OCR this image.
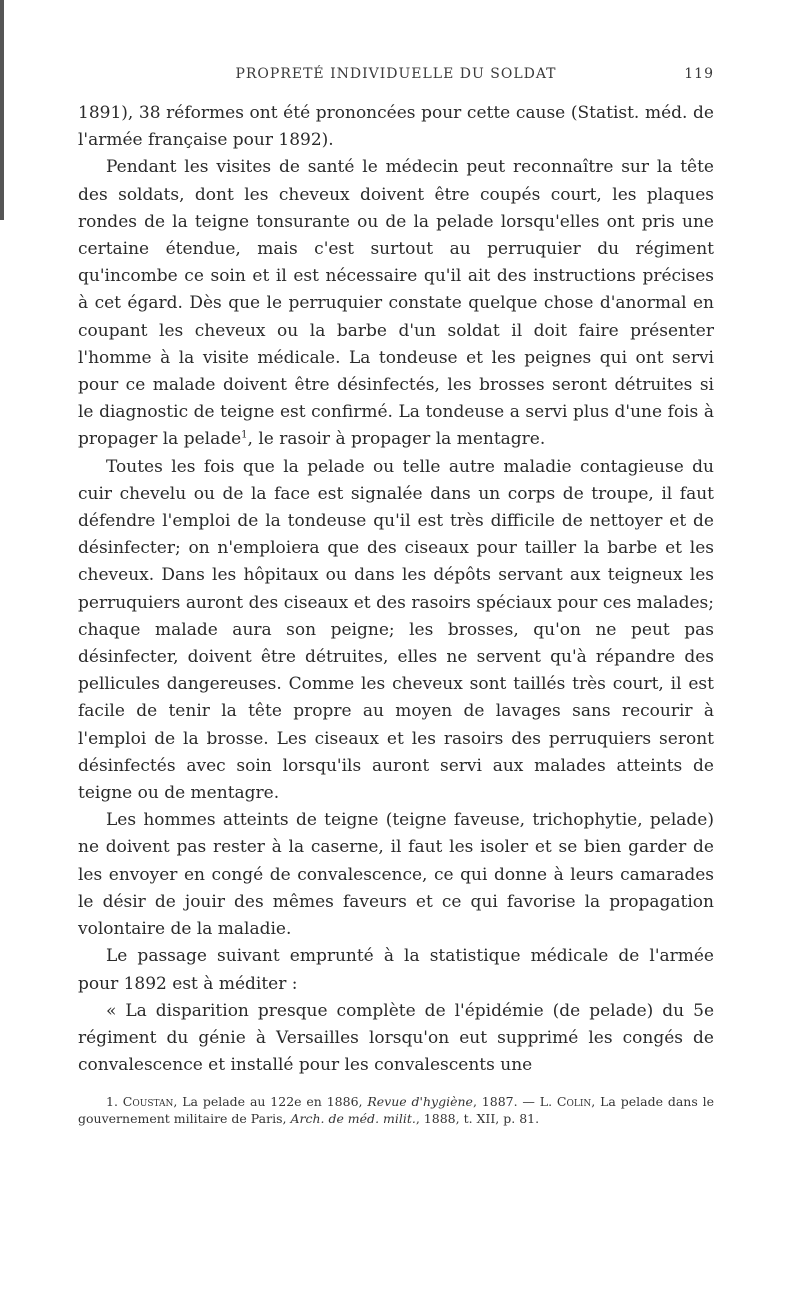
PROPRETÉ INDIVIDUELLE DU SOLDAT	119

1891), 38 réformes ont été prononcées pour cette cause (Statist. méd. de l'armée française pour 1892).

Pendant les visites de santé le médecin peut reconnaître sur la tête des soldats, dont les cheveux doivent être coupés court, les plaques rondes de la teigne tonsurante ou de la pelade lorsqu'elles ont pris une certaine étendue, mais c'est surtout au perruquier du régiment qu'incombe ce soin et il est nécessaire qu'il ait des instructions précises à cet égard. Dès que le perruquier constate quelque chose d'anormal en coupant les cheveux ou la barbe d'un soldat il doit faire présenter l'homme à la visite médicale. La tondeuse et les peignes qui ont servi pour ce malade doivent être désinfectés, les brosses seront détruites si le diagnostic de teigne est confirmé. La tondeuse a servi plus d'une fois à propager la pelade$^1$, le rasoir à propager la mentagre.

Toutes les fois que la pelade ou telle autre maladie contagieuse du cuir chevelu ou de la face est signalée dans un corps de troupe, il faut défendre l'emploi de la tondeuse qu'il est très difficile de nettoyer et de désinfecter; on n'emploiera que des ciseaux pour tailler la barbe et les cheveux. Dans les hôpitaux ou dans les dépôts servant aux teigneux les perruquiers auront des ciseaux et des rasoirs spéciaux pour ces malades; chaque malade aura son peigne; les brosses, qu'on ne peut pas désinfecter, doivent être détruites, elles ne servent qu'à répandre des pellicules dangereuses. Comme les cheveux sont taillés très court, il est facile de tenir la tête propre au moyen de lavages sans recourir à l'emploi de la brosse. Les ciseaux et les rasoirs des perruquiers seront désinfectés avec soin lorsqu'ils auront servi aux malades atteints de teigne ou de mentagre.

Les hommes atteints de teigne (teigne faveuse, trichophytie, pelade) ne doivent pas rester à la caserne, il faut les isoler et se bien garder de les envoyer en congé de convalescence, ce qui donne à leurs camarades le désir de jouir des mêmes faveurs et ce qui favorise la propagation volontaire de la maladie.

Le passage suivant emprunté à la statistique médicale de l'armée pour 1892 est à méditer :

« La disparition presque complète de l'épidémie (de pelade) du 5e régiment du génie à Versailles lorsqu'on eut supprimé les congés de convalescence et installé pour les convalescents une

1. Coustan, La pelade au 122e en 1886, Revue d'hygiène, 1887. — L. Colin, La pelade dans le gouvernement militaire de Paris, Arch. de méd. milit., 1888, t. XII, p. 81.
